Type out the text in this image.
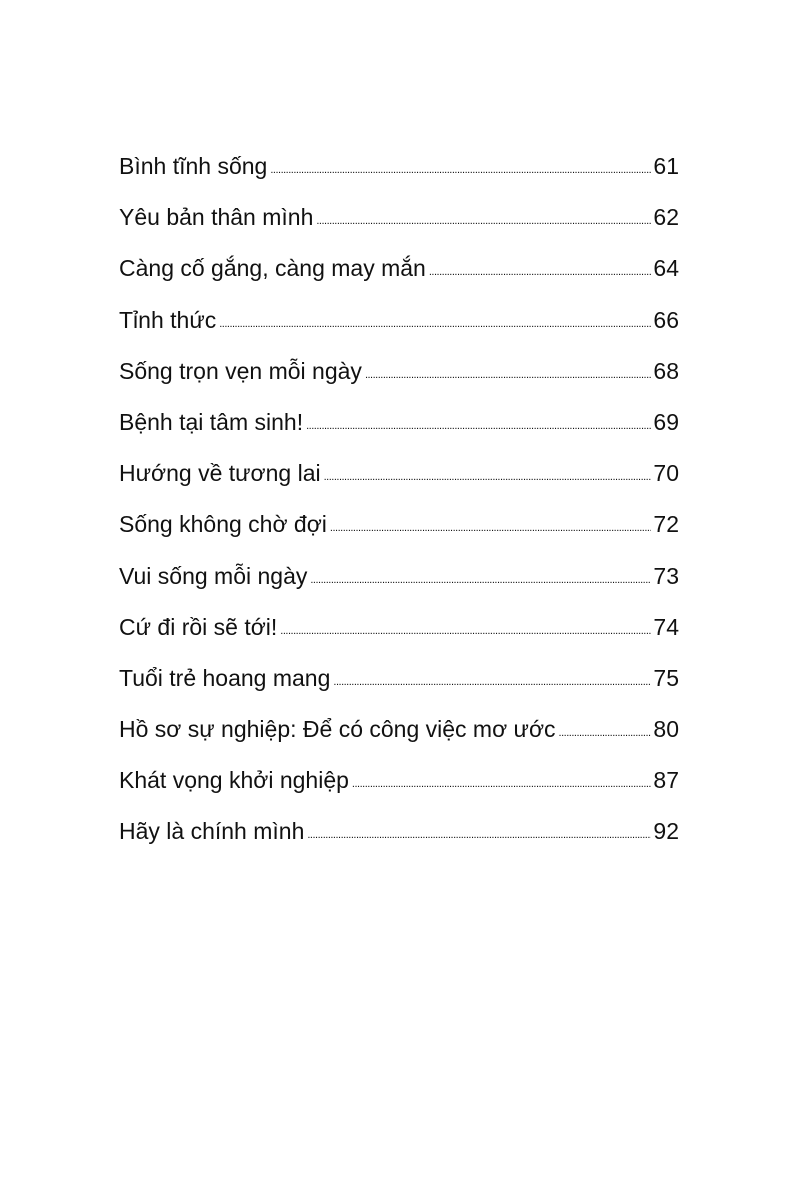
Bình tĩnh sống .....	61
Yêu bản thân mình .....	62
Càng cố gắng, càng may mắn .....	64
Tỉnh thức .....	66
Sống trọn vẹn mỗi ngày .....	68
Bệnh tại tâm sinh! .....	69
Hướng về tương lai .....	70
Sống không chờ đợi .....	72
Vui sống mỗi ngày .....	73
Cứ đi rồi sẽ tới! .....	74
Tuổi trẻ hoang mang .....	75
Hồ sơ sự nghiệp: Để có công việc mơ ước .....	80
Khát vọng khởi nghiệp .....	87
Hãy là chính mình .....	92
